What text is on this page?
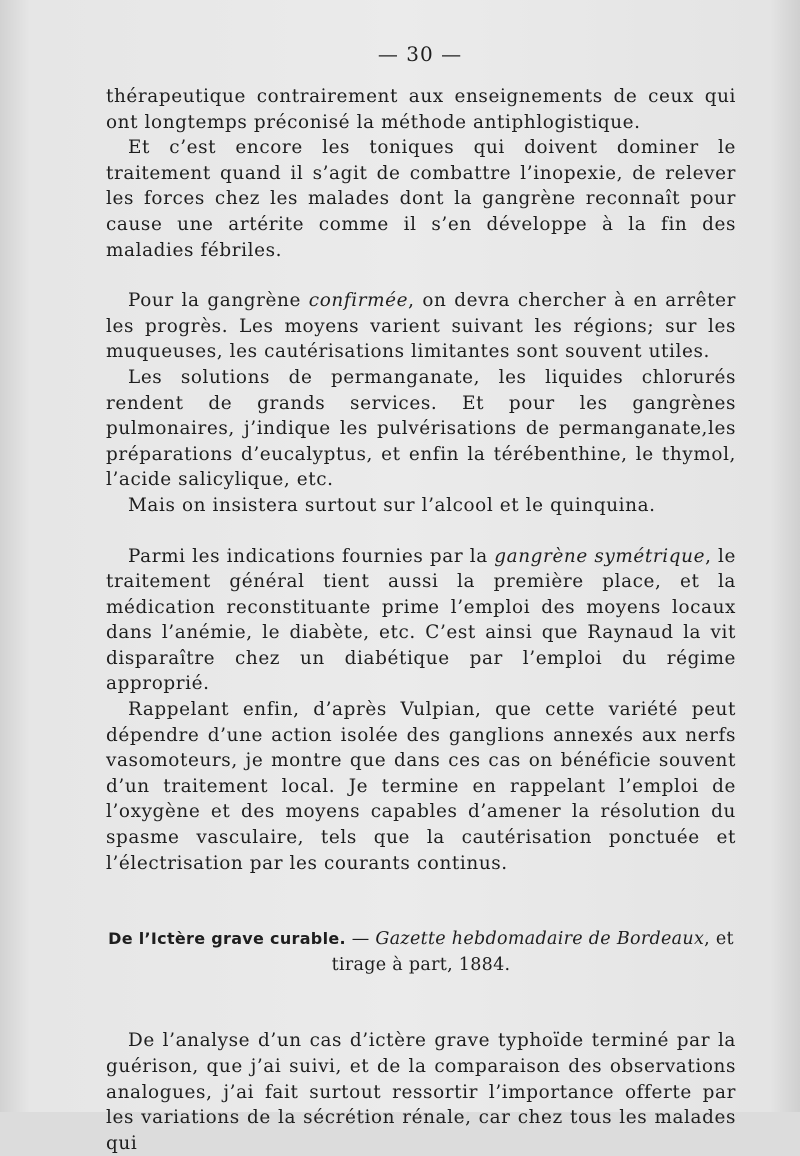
— 30 —

thérapeutique contrairement aux enseignements de ceux qui ont longtemps préconisé la méthode antiphlogistique.

Et c’est encore les toniques qui doivent dominer le traitement quand il s’agit de combattre l’inopexie, de relever les forces chez les malades dont la gangrène reconnaît pour cause une artérite comme il s’en développe à la fin des maladies fébriles.

Pour la gangrène confirmée, on devra chercher à en arrêter les progrès. Les moyens varient suivant les régions; sur les muqueuses, les cautérisations limitantes sont souvent utiles.

Les solutions de permanganate, les liquides chlorurés rendent de grands services. Et pour les gangrènes pulmonaires, j’indique les pulvérisations de permanganate,les préparations d’eucalyptus, et enfin la térébenthine, le thymol, l’acide salicylique, etc.

Mais on insistera surtout sur l’alcool et le quinquina.

Parmi les indications fournies par la gangrène symétrique, le traitement général tient aussi la première place, et la médication reconstituante prime l’emploi des moyens locaux dans l’anémie, le diabète, etc. C’est ainsi que Raynaud la vit disparaître chez un diabétique par l’emploi du régime approprié.

Rappelant enfin, d’après Vulpian, que cette variété peut dépendre d’une action isolée des ganglions annexés aux nerfs vasomoteurs, je montre que dans ces cas on bénéficie souvent d’un traitement local. Je termine en rappelant l’emploi de l’oxygène et des moyens capables d’amener la résolution du spasme vasculaire, tels que la cautérisation ponctuée et l’électrisation par les courants continus.

De l’Ictère grave curable. — Gazette hebdomadaire de Bordeaux, et tirage à part, 1884.

De l’analyse d’un cas d’ictère grave typhoïde terminé par la guérison, que j’ai suivi, et de la comparaison des observations analogues, j’ai fait surtout ressortir l’importance offerte par les variations de la sécrétion rénale, car chez tous les malades qui
